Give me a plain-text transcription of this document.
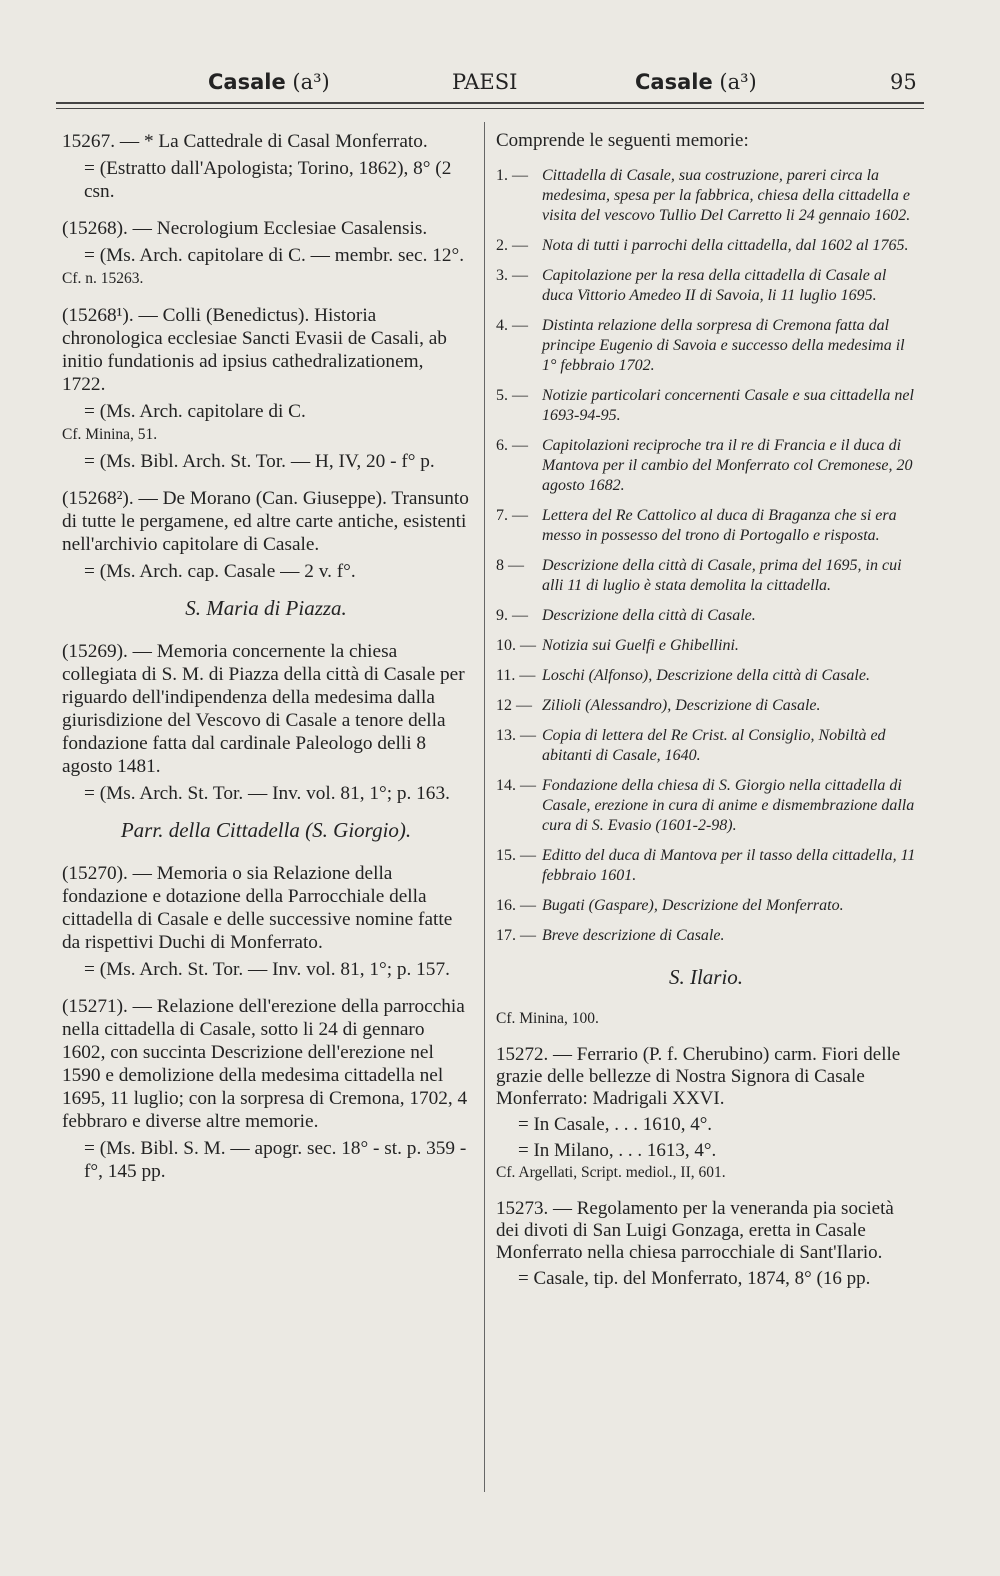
Casale (a³)	PAESI	Casale (a³)	95

15267. — * La Cattedrale di Casal Monferrato.

= (Estratto dall'Apologista; Torino, 1862), 8° (2 csn.

(15268). — Necrologium Ecclesiae Casalensis.

= (Ms. Arch. capitolare di C. — membr. sec. 12°.

Cf. n. 15263.

(15268¹). — Colli (Benedictus). Historia chronologica ecclesiae Sancti Evasii de Casali, ab initio fundationis ad ipsius cathedralizationem, 1722.

= (Ms. Arch. capitolare di C.

Cf. Minina, 51.

= (Ms. Bibl. Arch. St. Tor. — H, IV, 20 - f° p.

(15268²). — De Morano (Can. Giuseppe). Transunto di tutte le pergamene, ed altre carte antiche, esistenti nell'archivio capitolare di Casale.

= (Ms. Arch. cap. Casale — 2 v. f°.

S. Maria di Piazza.

(15269). — Memoria concernente la chiesa collegiata di S. M. di Piazza della città di Casale per riguardo dell'indipendenza della medesima dalla giurisdizione del Vescovo di Casale a tenore della fondazione fatta dal cardinale Paleologo delli 8 agosto 1481.

= (Ms. Arch. St. Tor. — Inv. vol. 81, 1°; p. 163.

Parr. della Cittadella (S. Giorgio).

(15270). — Memoria o sia Relazione della fondazione e dotazione della Parrocchiale della cittadella di Casale e delle successive nomine fatte da rispettivi Duchi di Monferrato.

= (Ms. Arch. St. Tor. — Inv. vol. 81, 1°; p. 157.

(15271). — Relazione dell'erezione della parrocchia nella cittadella di Casale, sotto li 24 di gennaro 1602, con succinta Descrizione dell'erezione nel 1590 e demolizione della medesima cittadella nel 1695, 11 luglio; con la sorpresa di Cremona, 1702, 4 febbraro e diverse altre memorie.

= (Ms. Bibl. S. M. — apogr. sec. 18° - st. p. 359 - f°, 145 pp.

Comprende le seguenti memorie:

1. — Cittadella di Casale, sua costruzione, pareri circa la medesima, spesa per la fabbrica, chiesa della cittadella e visita del vescovo Tullio Del Carretto li 24 gennaio 1602.
2. — Nota di tutti i parrochi della cittadella, dal 1602 al 1765.
3. — Capitolazione per la resa della cittadella di Casale al duca Vittorio Amedeo II di Savoia, li 11 luglio 1695.
4. — Distinta relazione della sorpresa di Cremona fatta dal principe Eugenio di Savoia e successo della medesima il 1° febbraio 1702.
5. — Notizie particolari concernenti Casale e sua cittadella nel 1693-94-95.
6. — Capitolazioni reciproche tra il re di Francia e il duca di Mantova per il cambio del Monferrato col Cremonese, 20 agosto 1682.
7. — Lettera del Re Cattolico al duca di Braganza che si era messo in possesso del trono di Portogallo e risposta.
8 —	Descrizione della città di Casale, prima del 1695, in cui alli 11 di luglio è stata demolita la cittadella.
9. — Descrizione della città di Casale.
10. — Notizia sui Guelfi e Ghibellini.
11. — Loschi (Alfonso), Descrizione della città di Casale.
12 — Zilioli (Alessandro), Descrizione di Casale.
13. — Copia di lettera del Re Crist. al Consiglio, Nobiltà ed abitanti di Casale, 1640.
14. — Fondazione della chiesa di S. Giorgio nella cittadella di Casale, erezione in cura di anime e dismembrazione dalla cura di S. Evasio (1601-2-98).
15. — Editto del duca di Mantova per il tasso della cittadella, 11 febbraio 1601.
16. — Bugati (Gaspare), Descrizione del Monferrato.
17. — Breve descrizione di Casale.

S. Ilario.

Cf. Minina, 100.

15272. — Ferrario (P. f. Cherubino) carm. Fiori delle grazie delle bellezze di Nostra Signora di Casale Monferrato: Madrigali XXVI.

= In Casale, . . . 1610, 4°.

= In Milano, . . . 1613, 4°.

Cf. Argellati, Script. mediol., II, 601.

15273. — Regolamento per la veneranda pia società dei divoti di San Luigi Gonzaga, eretta in Casale Monferrato nella chiesa parrocchiale di Sant'Ilario.

= Casale, tip. del Monferrato, 1874, 8° (16 pp.
